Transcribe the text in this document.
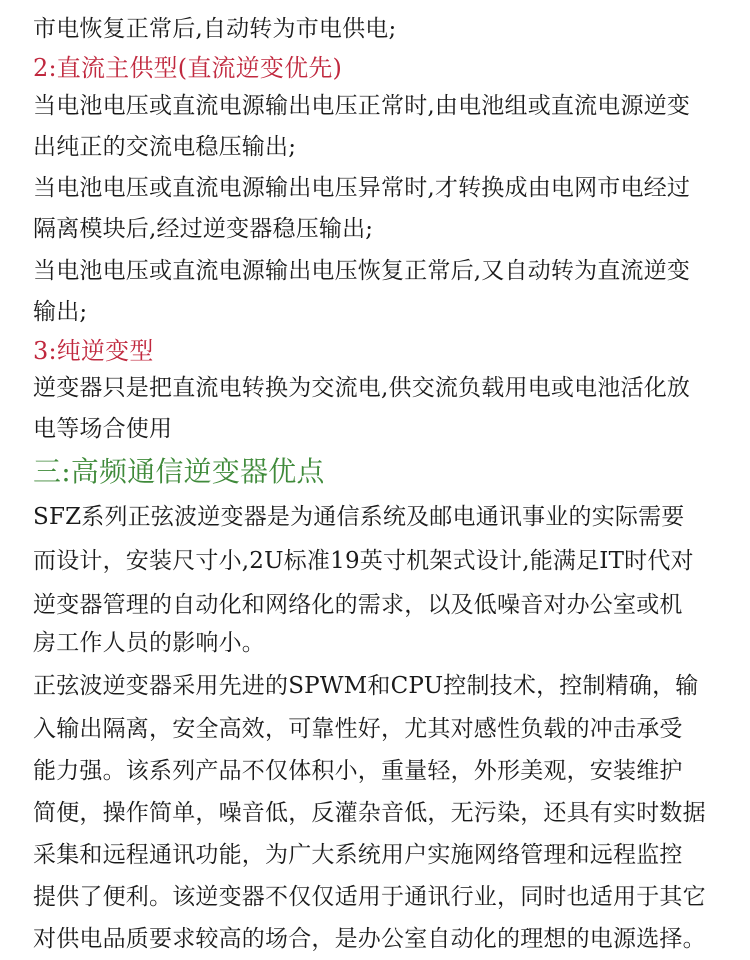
市电恢复正常后,自动转为市电供电;
2:直流主供型(直流逆变优先)
当电池电压或直流电源输出电压正常时,由电池组或直流电源逆变
出纯正的交流电稳压输出;
当电池电压或直流电源输出电压异常时,才转换成由电网市电经过
隔离模块后,经过逆变器稳压输出;
当电池电压或直流电源输出电压恢复正常后,又自动转为直流逆变
输出;
3:纯逆变型
逆变器只是把直流电转换为交流电,供交流负载用电或电池活化放
电等场合使用
三:高频通信逆变器优点
SFZ系列正弦波逆变器是为通信系统及邮电通讯事业的实际需要
而设计，安装尺寸小,2U标准19英寸机架式设计,能满足IT时代对
逆变器管理的自动化和网络化的需求，以及低噪音对办公室或机
房工作人员的影响小。
正弦波逆变器采用先进的SPWM和CPU控制技术，控制精确，输
入输出隔离，安全高效，可靠性好，尤其对感性负载的冲击承受
能力强。该系列产品不仅体积小，重量轻，外形美观，安装维护
简便，操作简单，噪音低，反灌杂音低，无污染，还具有实时数据
采集和远程通讯功能，为广大系统用户实施网络管理和远程监控
提供了便利。该逆变器不仅仅适用于通讯行业，同时也适用于其它
对供电品质要求较高的场合，是办公室自动化的理想的电源选择。
